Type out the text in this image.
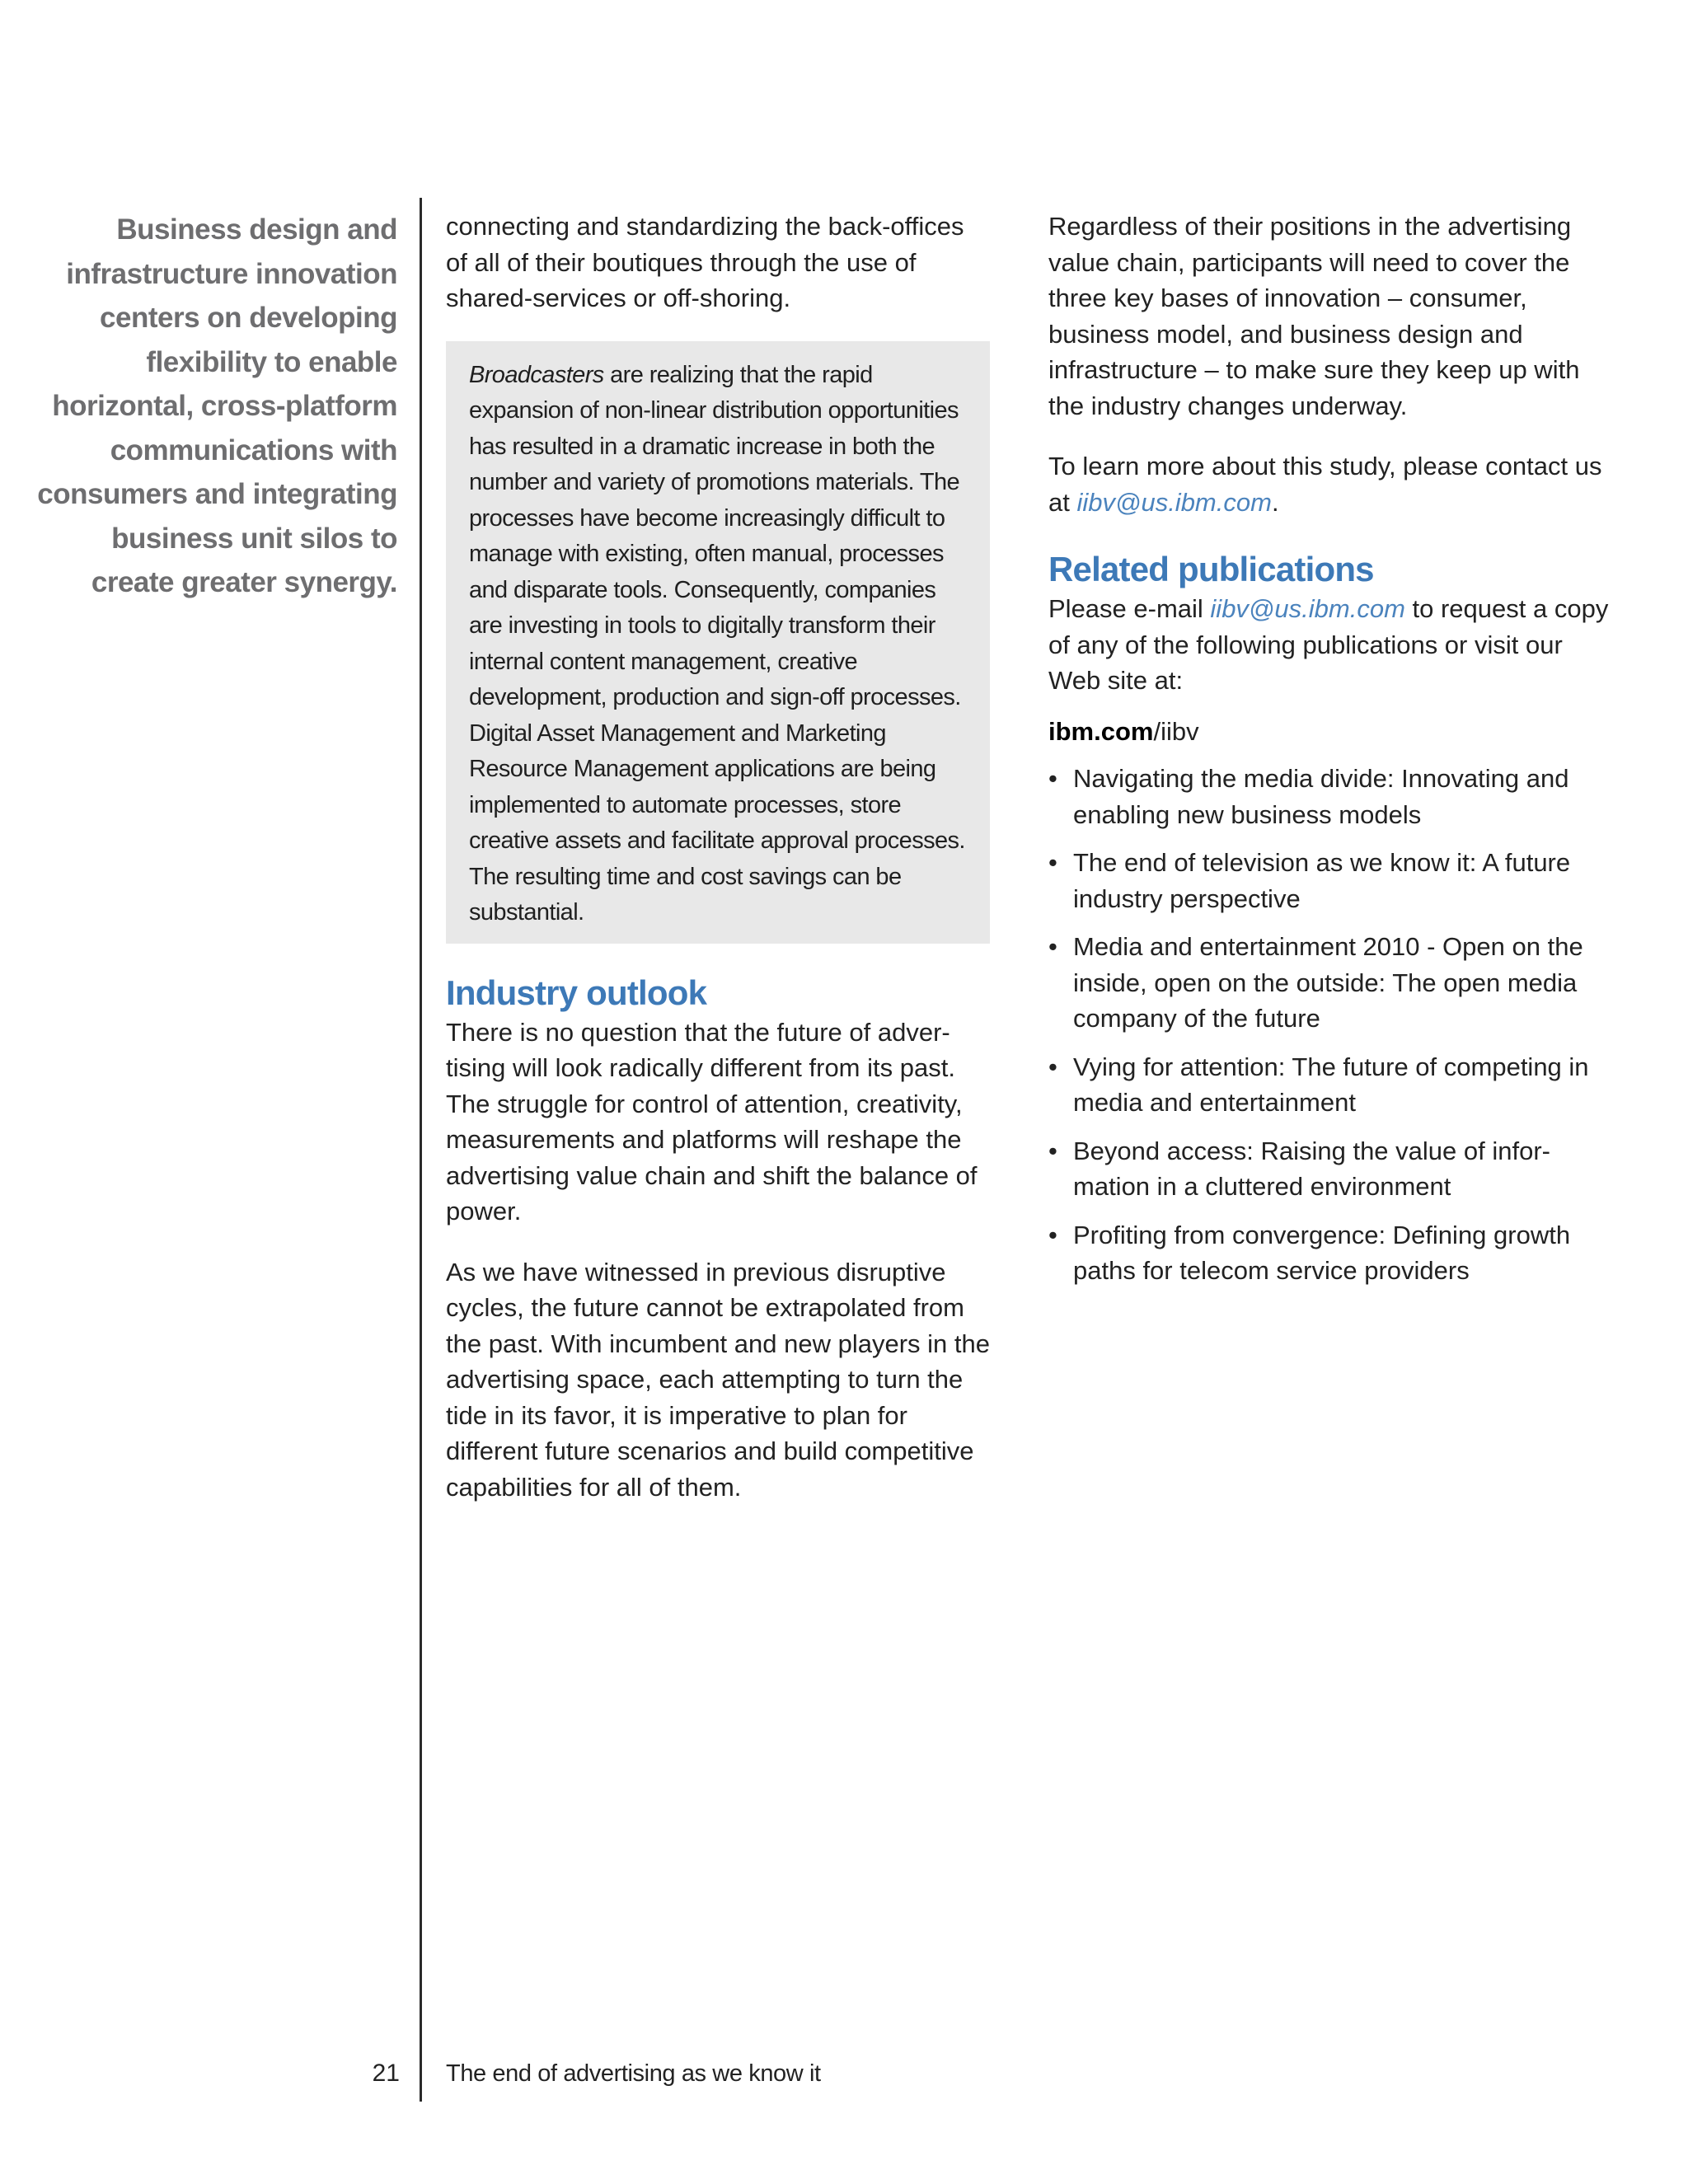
Business design and infrastructure innovation centers on developing flexibility to enable horizontal, cross-platform communications with consumers and integrating business unit silos to create greater synergy.

connecting and standardizing the back-offices of all of their boutiques through the use of shared-services or off-shoring.

Broadcasters are realizing that the rapid expansion of non-linear distribution opportunities has resulted in a dramatic increase in both the number and variety of promotions materials. The processes have become increasingly difficult to manage with existing, often manual, processes and disparate tools. Consequently, companies are investing in tools to digitally transform their internal content management, creative development, production and sign-off processes. Digital Asset Management and Marketing Resource Management applications are being implemented to automate processes, store creative assets and facilitate approval processes. The resulting time and cost savings can be substantial.
Industry outlook

There is no question that the future of adver-tising will look radically different from its past. The struggle for control of attention, creativity, measurements and platforms will reshape the advertising value chain and shift the balance of power.

As we have witnessed in previous disruptive cycles, the future cannot be extrapolated from the past. With incumbent and new players in the advertising space, each attempting to turn the tide in its favor, it is imperative to plan for different future scenarios and build competitive capabilities for all of them.

Regardless of their positions in the advertising value chain, participants will need to cover the three key bases of innovation – consumer, business model, and business design and infrastructure – to make sure they keep up with the industry changes underway.

To learn more about this study, please contact us at iibv@us.ibm.com.

Related publications

Please e-mail iibv@us.ibm.com to request a copy of any of the following publications or visit our Web site at:

ibm.com/iibv

• Navigating the media divide: Innovating and enabling new business models
• The end of television as we know it: A future industry perspective
• Media and entertainment 2010 - Open on the inside, open on the outside: The open media company of the future
• Vying for attention: The future of competing in media and entertainment
• Beyond access: Raising the value of infor-mation in a cluttered environment
• Profiting from convergence: Defining growth paths for telecom service providers
21 The end of advertising as we know it
